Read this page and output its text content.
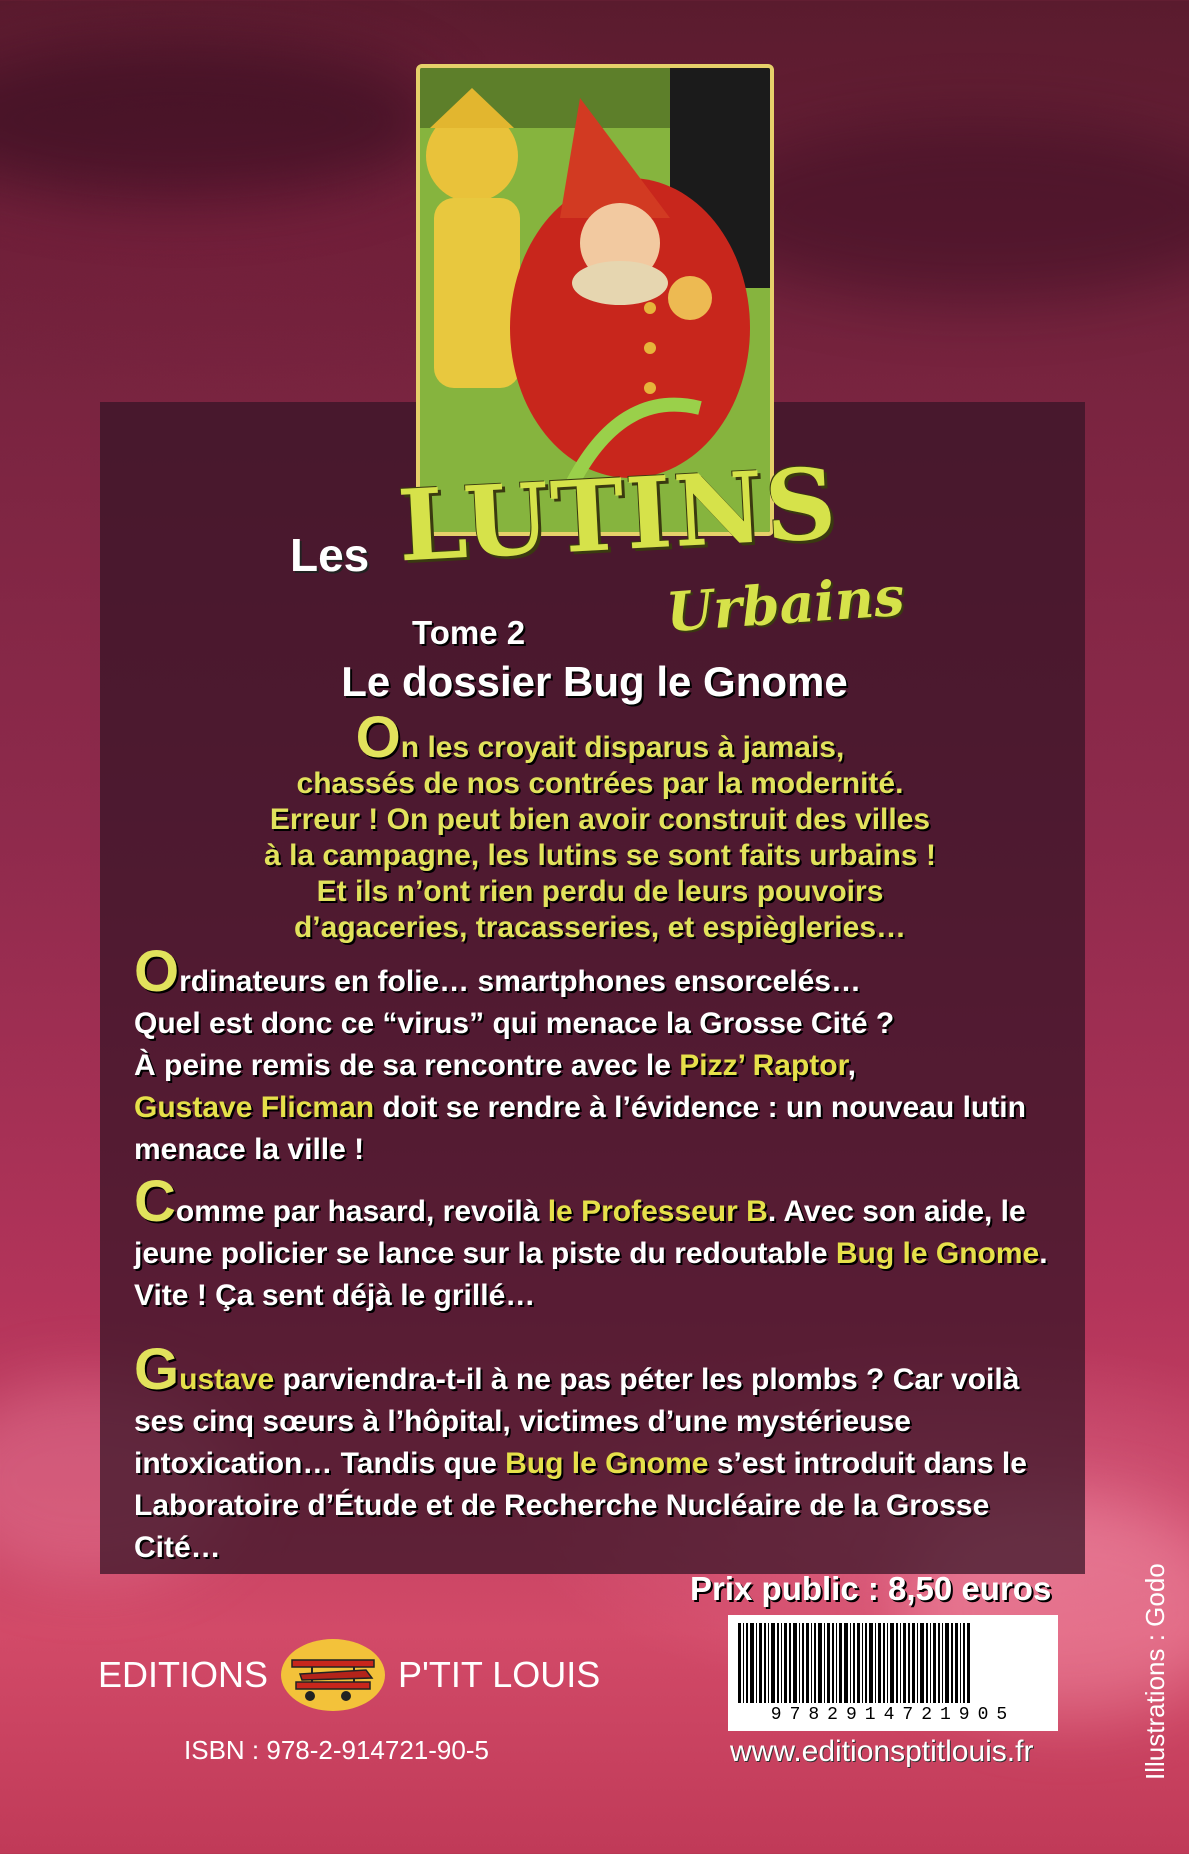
Les LUTINS
Urbains
Tome 2
Le dossier Bug le Gnome
On les croyait disparus à jamais,
chassés de nos contrées par la modernité.
Erreur ! On peut bien avoir construit des villes
à la campagne, les lutins se sont faits urbains !
Et ils n’ont rien perdu de leurs pouvoirs
d’agaceries, tracasseries, et espiègleries…
Ordinateurs en folie… smartphones ensorcelés…
Quel est donc ce “virus” qui menace la Grosse Cité ?
À peine remis de sa rencontre avec le Pizz’ Raptor,
Gustave Flicman doit se rendre à l’évidence : un nouveau lutin menace la ville !
Comme par hasard, revoilà le Professeur B. Avec son aide, le jeune policier se lance sur la piste du redoutable Bug le Gnome. Vite ! Ça sent déjà le grillé…
Gustave parviendra-t-il à ne pas péter les plombs ? Car voilà ses cinq sœurs à l’hôpital, victimes d’une mystérieuse intoxication… Tandis que Bug le Gnome s’est introduit dans le Laboratoire d’Étude et de Recherche Nucléaire de la Grosse Cité…
Prix public : 8,50 euros
9782914721905
www.editionsptitlouis.fr
EDITIONS	P'TIT LOUIS
ISBN : 978-2-914721-90-5	Illustrations : Godo
